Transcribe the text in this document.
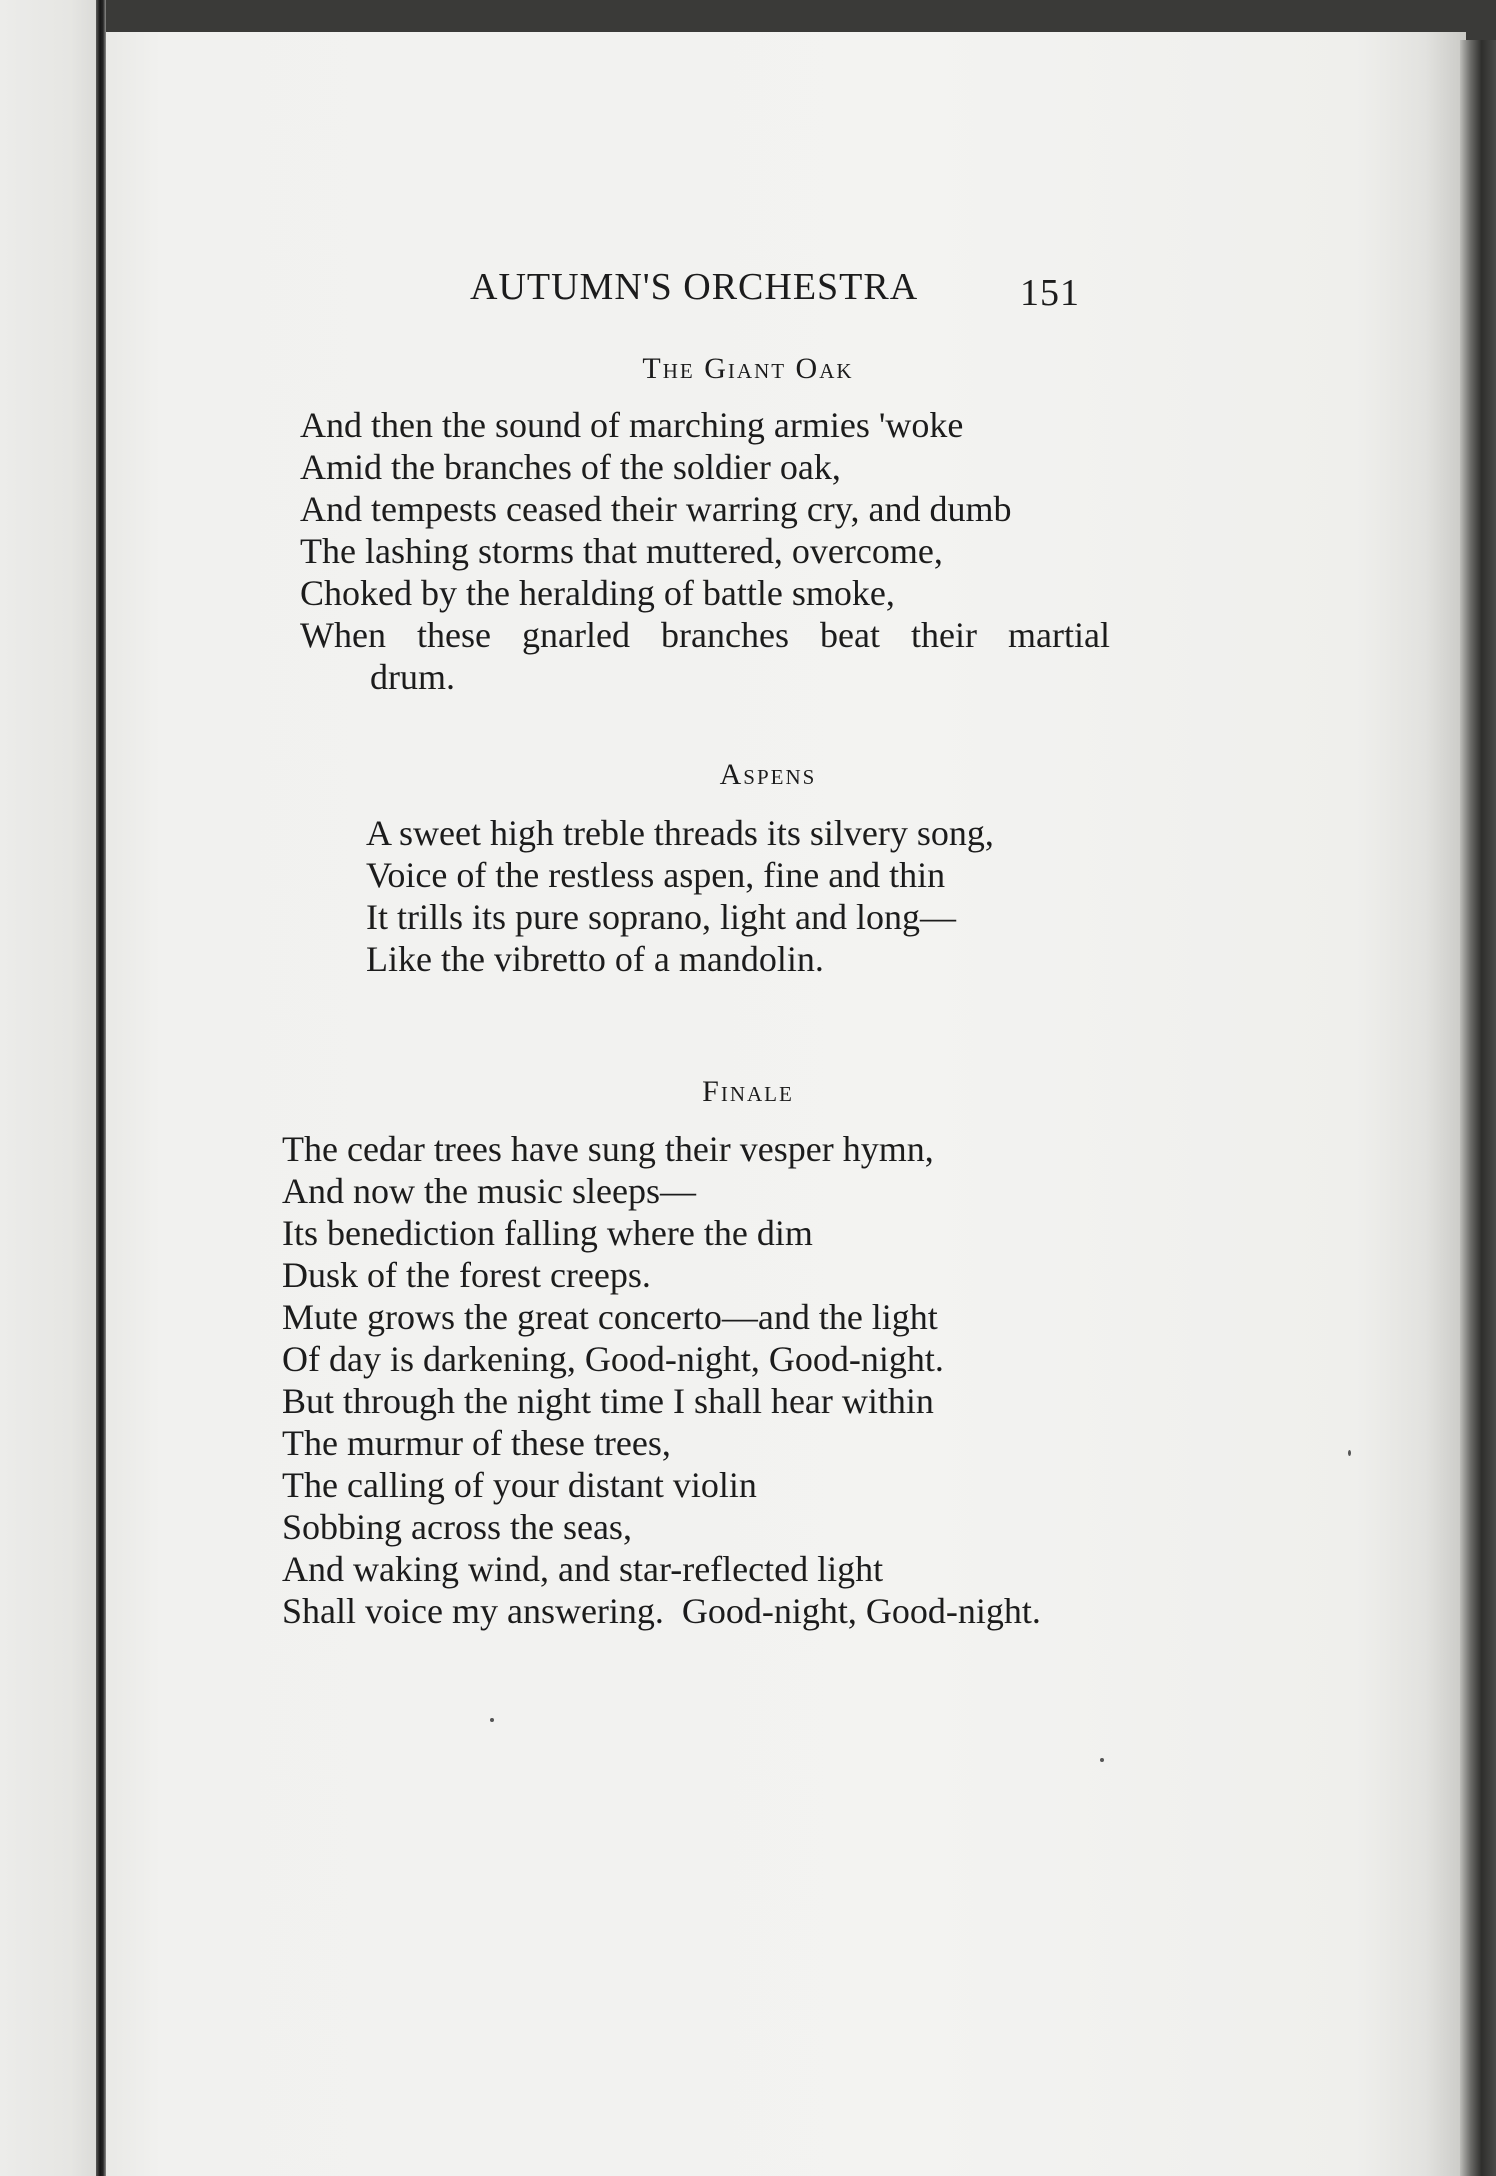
AUTUMN'S ORCHESTRA	151
The Giant Oak
And then the sound of marching armies 'woke
Amid the branches of the soldier oak,
And tempests ceased their warring cry, and dumb
The lashing storms that muttered, overcome,
Choked by the heralding of battle smoke,
When these gnarled branches beat their martial
drum.
Aspens
A sweet high treble threads its silvery song,
Voice of the restless aspen, fine and thin
It trills its pure soprano, light and long—
Like the vibretto of a mandolin.
Finale
The cedar trees have sung their vesper hymn,
And now the music sleeps—
Its benediction falling where the dim
Dusk of the forest creeps.
Mute grows the great concerto—and the light
Of day is darkening, Good-night, Good-night.
But through the night time I shall hear within
The murmur of these trees,
The calling of your distant violin
Sobbing across the seas,
And waking wind, and star-reflected light
Shall voice my answering.  Good-night, Good-night.
